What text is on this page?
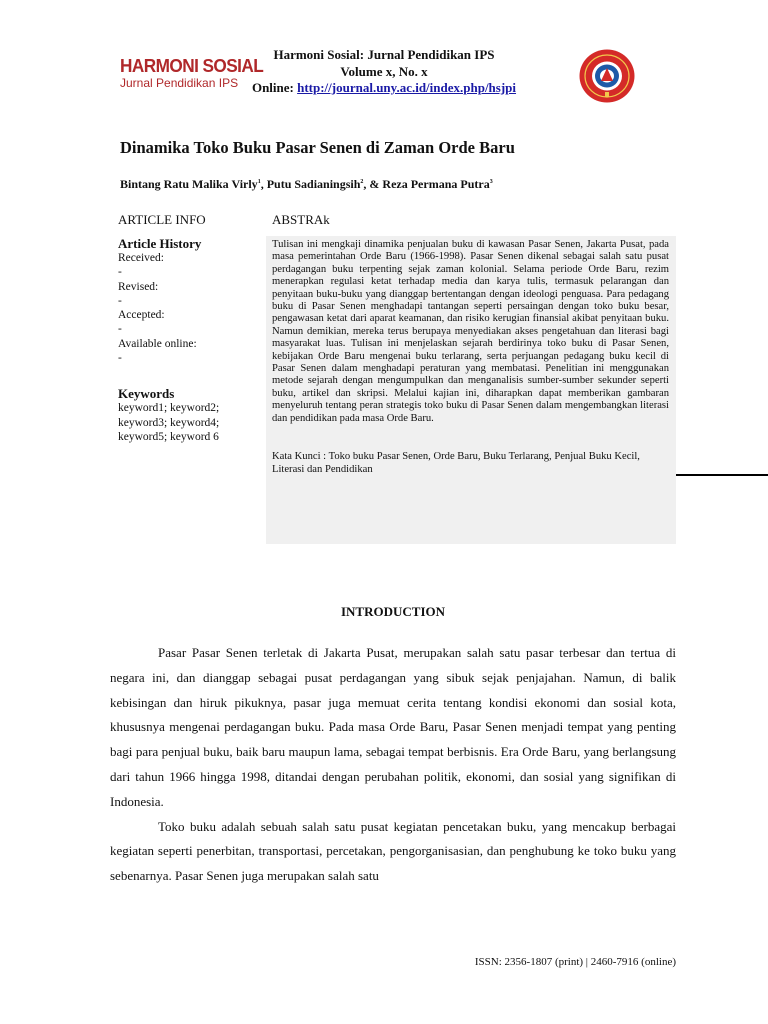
HARMONI SOSIAL
Jurnal Pendidikan IPS
Harmoni Sosial: Jurnal Pendidikan IPS
Volume x, No. x
Online: http://journal.uny.ac.id/index.php/hsjpi
Dinamika Toko Buku Pasar Senen di Zaman Orde Baru
Bintang Ratu Malika Virly$^1$, Putu Sadianingsih$^2$, & Reza Permana Putra$^3$
ARTICLE INFO	ABSTRAk
Article History
Received:
-
Revised:
-
Accepted:
-
Available online:
-
Keywords
keyword1; keyword2;
keyword3; keyword4;
keyword5; keyword 6

Tulisan ini mengkaji dinamika penjualan buku di kawasan Pasar Senen, Jakarta Pusat, pada masa pemerintahan Orde Baru (1966-1998). Pasar Senen dikenal sebagai salah satu pusat perdagangan buku terpenting sejak zaman kolonial. Selama periode Orde Baru, rezim menerapkan regulasi ketat terhadap media dan karya tulis, termasuk pelarangan dan penyitaan buku-buku yang dianggap bertentangan dengan ideologi penguasa. Para pedagang buku di Pasar Senen menghadapi tantangan seperti persaingan dengan toko buku besar, pengawasan ketat dari aparat keamanan, dan risiko kerugian finansial akibat penyitaan buku. Namun demikian, mereka terus berupaya menyediakan akses pengetahuan dan literasi bagi masyarakat luas. Tulisan ini menjelaskan sejarah berdirinya toko buku di Pasar Senen, kebijakan Orde Baru mengenai buku terlarang, serta perjuangan pedagang buku kecil di Pasar Senen dalam menghadapi peraturan yang membatasi. Penelitian ini menggunakan metode sejarah dengan mengumpulkan dan menganalisis sumber-sumber sekunder seperti buku, artikel dan skripsi. Melalui kajian ini, diharapkan dapat memberikan gambaran menyeluruh tentang peran strategis toko buku di Pasar Senen dalam mengembangkan literasi dan pendidikan pada masa Orde Baru.

Kata Kunci : Toko buku Pasar Senen, Orde Baru, Buku Terlarang, Penjual Buku Kecil, Literasi dan Pendidikan

INTRODUCTION

Pasar Pasar Senen terletak di Jakarta Pusat, merupakan salah satu pasar terbesar dan tertua di negara ini, dan dianggap sebagai pusat perdagangan yang sibuk sejak penjajahan. Namun, di balik kebisingan dan hiruk pikuknya, pasar juga memuat cerita tentang kondisi ekonomi dan sosial kota, khususnya mengenai perdagangan buku. Pada masa Orde Baru, Pasar Senen menjadi tempat yang penting bagi para penjual buku, baik baru maupun lama, sebagai tempat berbisnis. Era Orde Baru, yang berlangsung dari tahun 1966 hingga 1998, ditandai dengan perubahan politik, ekonomi, dan sosial yang signifikan di Indonesia.

Toko buku adalah sebuah salah satu pusat kegiatan pencetakan buku, yang mencakup berbagai kegiatan seperti penerbitan, transportasi, percetakan, pengorganisasian, dan penghubung ke toko buku yang sebenarnya. Pasar Senen juga merupakan salah satu

ISSN: 2356-1807 (print) | 2460-7916 (online)
